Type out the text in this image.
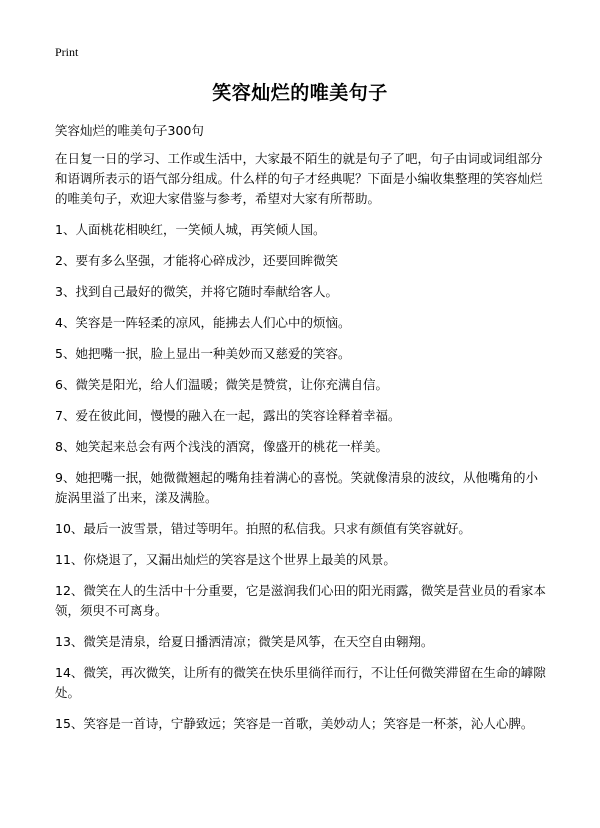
Print
笑容灿烂的唯美句子
笑容灿烂的唯美句子300句

在日复一日的学习、工作或生活中，大家最不陌生的就是句子了吧，句子由词或词组部分和语调所表示的语气部分组成。什么样的句子才经典呢？下面是小编收集整理的笑容灿烂的唯美句子，欢迎大家借鉴与参考，希望对大家有所帮助。

1、人面桃花相映红，一笑倾人城，再笑倾人国。

2、要有多么坚强，才能将心碎成沙，还要回眸微笑

3、找到自己最好的微笑，并将它随时奉献给客人。

4、笑容是一阵轻柔的凉风，能拂去人们心中的烦恼。

5、她把嘴一抿，脸上显出一种美妙而又慈爱的笑容。

6、微笑是阳光，给人们温暖；微笑是赞赏，让你充满自信。

7、爱在彼此间，慢慢的融入在一起，露出的笑容诠释着幸福。

8、她笑起来总会有两个浅浅的酒窝，像盛开的桃花一样美。

9、她把嘴一抿，她微微翘起的嘴角挂着满心的喜悦。笑就像清泉的波纹，从他嘴角的小旋涡里溢了出来，漾及满脸。

10、最后一波雪景，错过等明年。拍照的私信我。只求有颜值有笑容就好。

11、你烧退了，又漏出灿烂的笑容是这个世界上最美的风景。

12、微笑在人的生活中十分重要，它是滋润我们心田的阳光雨露，微笑是营业员的看家本领，须臾不可离身。

13、微笑是清泉，给夏日播洒清凉；微笑是风筝，在天空自由翱翔。

14、微笑，再次微笑，让所有的微笑在快乐里徜徉而行，不让任何微笑滞留在生命的罅隙处。

15、笑容是一首诗，宁静致远；笑容是一首歌，美妙动人；笑容是一杯茶，沁人心脾。
